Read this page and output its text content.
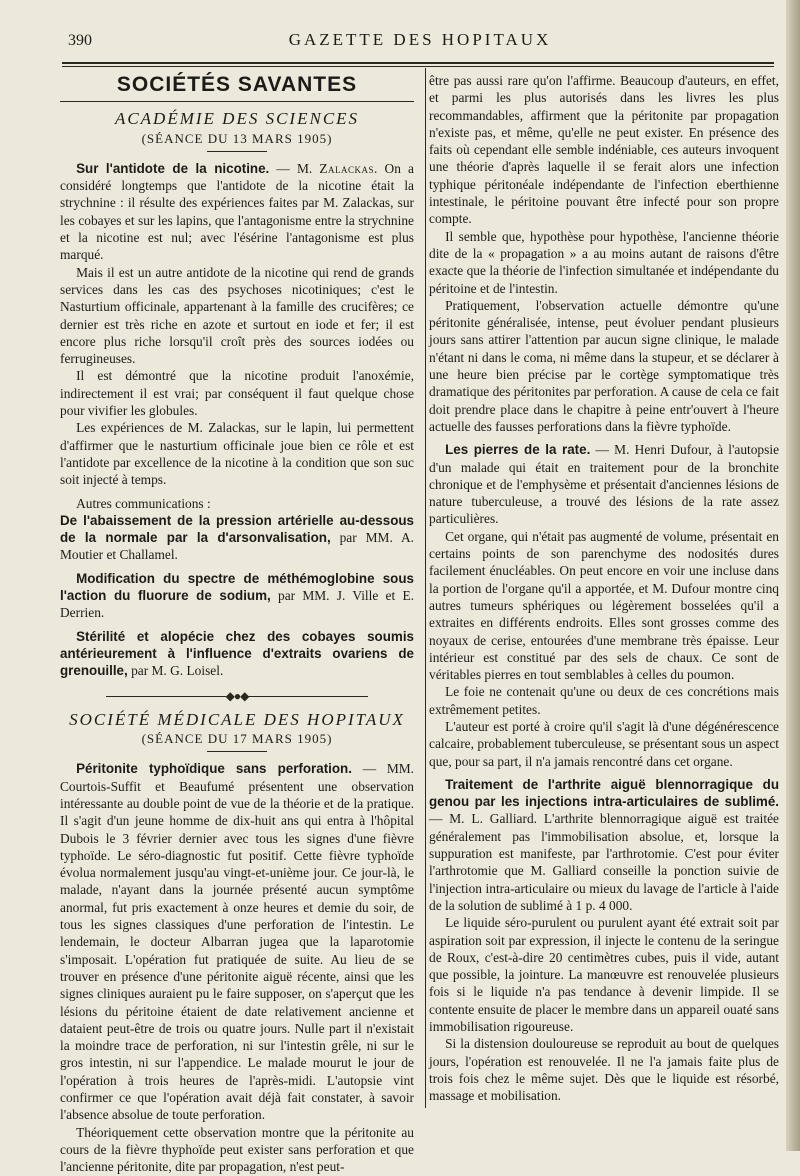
390	GAZETTE DES HOPITAUX
SOCIÉTÉS SAVANTES
ACADÉMIE DES SCIENCES
(SÉANCE DU 13 MARS 1905)

Sur l'antidote de la nicotine. — M. Zalackas. On a considéré longtemps que l'antidote de la nicotine était la strychnine : il résulte des expériences faites par M. Zalackas, sur les cobayes et sur les lapins, que l'antagonisme entre la strychnine et la nicotine est nul; avec l'ésérine l'antagonisme est plus marqué.

Mais il est un autre antidote de la nicotine qui rend de grands services dans les cas des psychoses nicotiniques; c'est le Nasturtium officinale, appartenant à la famille des crucifères; ce dernier est très riche en azote et surtout en iode et fer; il est encore plus riche lorsqu'il croît près des sources iodées ou ferrugineuses.

Il est démontré que la nicotine produit l'anoxémie, indirectement il est vrai; par conséquent il faut quelque chose pour vivifier les globules.

Les expériences de M. Zalackas, sur le lapin, lui permettent d'affirmer que le nasturtium officinale joue bien ce rôle et est l'antidote par excellence de la nicotine à la condition que son suc soit injecté à temps.

Autres communications :

De l'abaissement de la pression artérielle au-dessous de la normale par la d'arsonvalisation, par MM. A. Moutier et Challamel.

Modification du spectre de méthémoglobine sous l'action du fluorure de sodium, par MM. J. Ville et E. Derrien.

Stérilité et alopécie chez des cobayes soumis antérieurement à l'influence d'extraits ovariens de grenouille, par M. G. Loisel.

◆●◆
SOCIÉTÉ MÉDICALE DES HOPITAUX
(SÉANCE DU 17 MARS 1905)

Péritonite typhoïdique sans perforation. — MM. Courtois-Suffit et Beaufumé présentent une observation intéressante au double point de vue de la théorie et de la pratique. Il s'agit d'un jeune homme de dix-huit ans qui entra à l'hôpital Dubois le 3 février dernier avec tous les signes d'une fièvre typhoïde. Le séro-diagnostic fut positif. Cette fièvre typhoïde évolua normalement jusqu'au vingt-et-unième jour. Ce jour-là, le malade, n'ayant dans la journée présenté aucun symptôme anormal, fut pris exactement à onze heures et demie du soir, de tous les signes classiques d'une perforation de l'intestin. Le lendemain, le docteur Albarran jugea que la laparotomie s'imposait. L'opération fut pratiquée de suite. Au lieu de se trouver en présence d'une péritonite aiguë récente, ainsi que les signes cliniques auraient pu le faire supposer, on s'aperçut que les lésions du péritoine étaient de date relativement ancienne et dataient peut-être de trois ou quatre jours. Nulle part il n'existait la moindre trace de perforation, ni sur l'intestin grêle, ni sur le gros intestin, ni sur l'appendice. Le malade mourut le jour de l'opération à trois heures de l'après-midi. L'autopsie vint confirmer ce que l'opération avait déjà fait constater, à savoir l'absence absolue de toute perforation.

Théoriquement cette observation montre que la péritonite au cours de la fièvre thyphoïde peut exister sans perforation et que l'ancienne péritonite, dite par propagation, n'est peut-

être pas aussi rare qu'on l'affirme. Beaucoup d'auteurs, en effet, et parmi les plus autorisés dans les livres les plus recommandables, affirment que la péritonite par propagation n'existe pas, et même, qu'elle ne peut exister. En présence des faits où cependant elle semble indéniable, ces auteurs invoquent une théorie d'après laquelle il se ferait alors une infection typhique péritonéale indépendante de l'infection eberthienne intestinale, le péritoine pouvant être infecté pour son propre compte.

Il semble que, hypothèse pour hypothèse, l'ancienne théorie dite de la « propagation » a au moins autant de raisons d'être exacte que la théorie de l'infection simultanée et indépendante du péritoine et de l'intestin.

Pratiquement, l'observation actuelle démontre qu'une péritonite généralisée, intense, peut évoluer pendant plusieurs jours sans attirer l'attention par aucun signe clinique, le malade n'étant ni dans le coma, ni même dans la stupeur, et se déclarer à une heure bien précise par le cortège symptomatique très dramatique des péritonites par perforation. A cause de cela ce fait doit prendre place dans le chapitre à peine entr'ouvert à l'heure actuelle des fausses perforations dans la fièvre typhoïde.

Les pierres de la rate. — M. Henri Dufour, à l'autopsie d'un malade qui était en traitement pour de la bronchite chronique et de l'emphysème et présentait d'anciennes lésions de nature tuberculeuse, a trouvé des lésions de la rate assez particulières.

Cet organe, qui n'était pas augmenté de volume, présentait en certains points de son parenchyme des nodosités dures facilement énucléables. On peut encore en voir une incluse dans la portion de l'organe qu'il a apportée, et M. Dufour montre cinq autres tumeurs sphériques ou légèrement bosselées qu'il a extraites en différents endroits. Elles sont grosses comme des noyaux de cerise, entourées d'une membrane très épaisse. Leur intérieur est constitué par des sels de chaux. Ce sont de véritables pierres en tout semblables à celles du poumon.

Le foie ne contenait qu'une ou deux de ces concrétions mais extrêmement petites.

L'auteur est porté à croire qu'il s'agit là d'une dégénérescence calcaire, probablement tuberculeuse, se présentant sous un aspect que, pour sa part, il n'a jamais rencontré dans cet organe.

Traitement de l'arthrite aiguë blennorragique du genou par les injections intra-articulaires de sublimé. — M. L. Galliard. L'arthrite blennorragique aiguë est traitée généralement pas l'immobilisation absolue, et, lorsque la suppuration est manifeste, par l'arthrotomie. C'est pour éviter l'arthrotomie que M. Galliard conseille la ponction suivie de l'injection intra-articulaire ou mieux du lavage de l'article à l'aide de la solution de sublimé à 1 p. 4 000.

Le liquide séro-purulent ou purulent ayant été extrait soit par aspiration soit par expression, il injecte le contenu de la seringue de Roux, c'est-à-dire 20 centimètres cubes, puis il vide, autant que possible, la jointure. La manœuvre est renouvelée plusieurs fois si le liquide n'a pas tendance à devenir limpide. Il se contente ensuite de placer le membre dans un appareil ouaté sans immobilisation rigoureuse.

Si la distension douloureuse se reproduit au bout de quelques jours, l'opération est renouvelée. Il ne l'a jamais faite plus de trois fois chez le même sujet. Dès que le liquide est résorbé, massage et mobilisation.
